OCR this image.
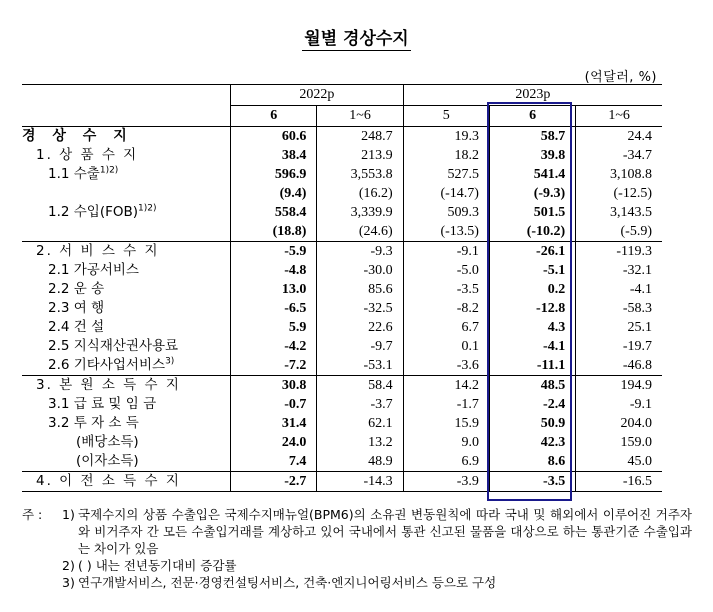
월별 경상수지
(억달러, %)
	2022p		2023p		
	6	1~6	5	6	1~6
경 상 수 지	60.6	248.7	19.3	58.7	24.4
1. 상 품 수 지	38.4	213.9	18.2	39.8	-34.7
1.1 수출$^{1)2)}$	596.9	3,553.8	527.5	541.4	3,108.8
	(9.4)	(16.2)	(-14.7)	(-9.3)	(-12.5)
1.2 수입(FOB)$^{1)2)}$	558.4	3,339.9	509.3	501.5	3,143.5
	(18.8)	(24.6)	(-13.5)	(-10.2)	(-5.9)
2. 서 비 스 수 지	-5.9	-9.3	-9.1	-26.1	-119.3
2.1 가공서비스	-4.8	-30.0	-5.0	-5.1	-32.1
2.2 운 송	13.0	85.6	-3.5	0.2	-4.1
2.3 여 행	-6.5	-32.5	-8.2	-12.8	-58.3
2.4 건 설	5.9	22.6	6.7	4.3	25.1
2.5 지식재산권사용료	-4.2	-9.7	0.1	-4.1	-19.7
2.6 기타사업서비스$^{3)}$	-7.2	-53.1	-3.6	-11.1	-46.8
3. 본 원 소 득 수 지	30.8	58.4	14.2	48.5	194.9
3.1 급 료 및 임 금	-0.7	-3.7	-1.7	-2.4	-9.1
3.2 투 자 소 득	31.4	62.1	15.9	50.9	204.0
(배당소득)	24.0	13.2	9.0	42.3	159.0
(이자소득)	7.4	48.9	6.9	8.6	45.0
4. 이 전 소 득 수 지	-2.7	-14.3	-3.9	-3.5	-16.5
주 :	1) 국제수지의 상품 수출입은 국제수지매뉴얼(BPM6)의 소유권 변동원칙에 따라 국내 및 해외에서 이루어진 거주자와 비거주자 간 모든 수출입거래를 계상하고 있어 국내에서 통관 신고된 물품을 대상으로 하는 통관기준 수출입과는 차이가 있음
2) ( ) 내는 전년동기대비 증감률
3) 연구개발서비스, 전문·경영컨설팅서비스, 건축·엔지니어링서비스 등으로 구성
